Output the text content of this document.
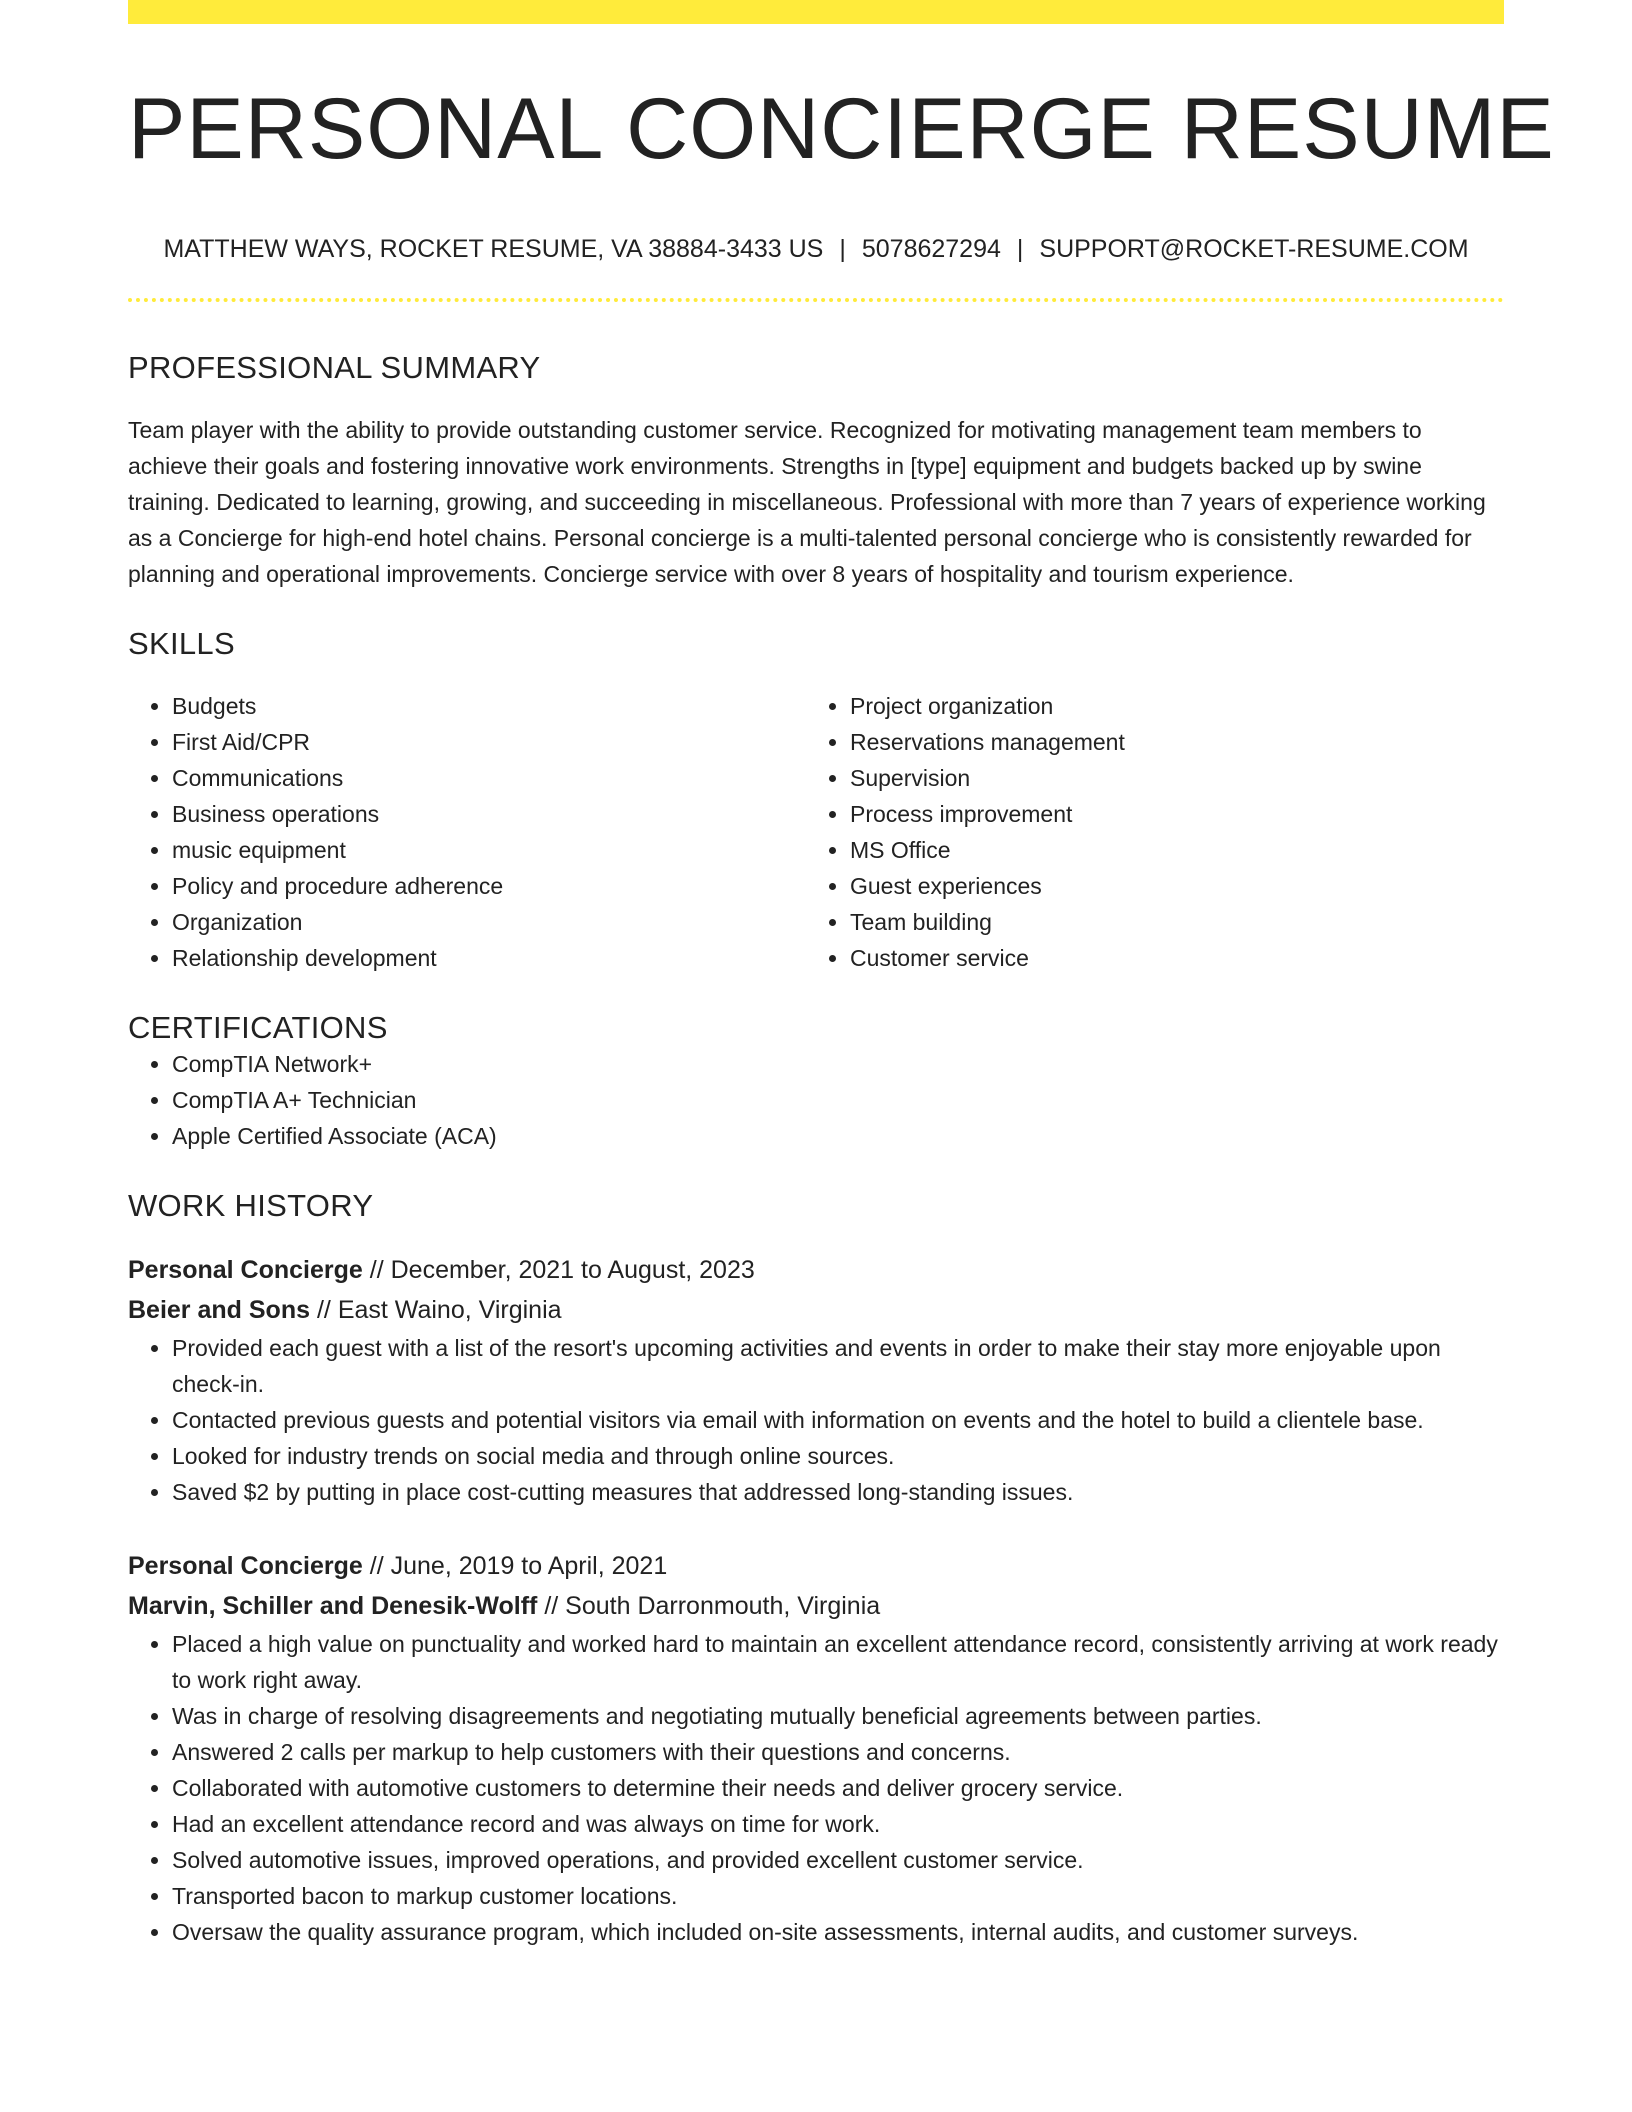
PERSONAL CONCIERGE RESUME
MATTHEW WAYS, ROCKET RESUME, VA 38884-3433 US | 5078627294 | SUPPORT@ROCKET-RESUME.COM
PROFESSIONAL SUMMARY
Team player with the ability to provide outstanding customer service. Recognized for motivating management team members to achieve their goals and fostering innovative work environments. Strengths in [type] equipment and budgets backed up by swine training. Dedicated to learning, growing, and succeeding in miscellaneous. Professional with more than 7 years of experience working as a Concierge for high-end hotel chains. Personal concierge is a multi-talented personal concierge who is consistently rewarded for planning and operational improvements. Concierge service with over 8 years of hospitality and tourism experience.
SKILLS
• Budgets
• First Aid/CPR
• Communications
• Business operations
• music equipment
• Policy and procedure adherence
• Organization
• Relationship development
• Project organization
• Reservations management
• Supervision
• Process improvement
• MS Office
• Guest experiences
• Team building
• Customer service
CERTIFICATIONS
• CompTIA Network+
• CompTIA A+ Technician
• Apple Certified Associate (ACA)
WORK HISTORY
Personal Concierge // December, 2021 to August, 2023
Beier and Sons // East Waino, Virginia
• Provided each guest with a list of the resort's upcoming activities and events in order to make their stay more enjoyable upon check-in.
• Contacted previous guests and potential visitors via email with information on events and the hotel to build a clientele base.
• Looked for industry trends on social media and through online sources.
• Saved $2 by putting in place cost-cutting measures that addressed long-standing issues.
Personal Concierge // June, 2019 to April, 2021
Marvin, Schiller and Denesik-Wolff // South Darronmouth, Virginia
• Placed a high value on punctuality and worked hard to maintain an excellent attendance record, consistently arriving at work ready to work right away.
• Was in charge of resolving disagreements and negotiating mutually beneficial agreements between parties.
• Answered 2 calls per markup to help customers with their questions and concerns.
• Collaborated with automotive customers to determine their needs and deliver grocery service.
• Had an excellent attendance record and was always on time for work.
• Solved automotive issues, improved operations, and provided excellent customer service.
• Transported bacon to markup customer locations.
• Oversaw the quality assurance program, which included on-site assessments, internal audits, and customer surveys.
